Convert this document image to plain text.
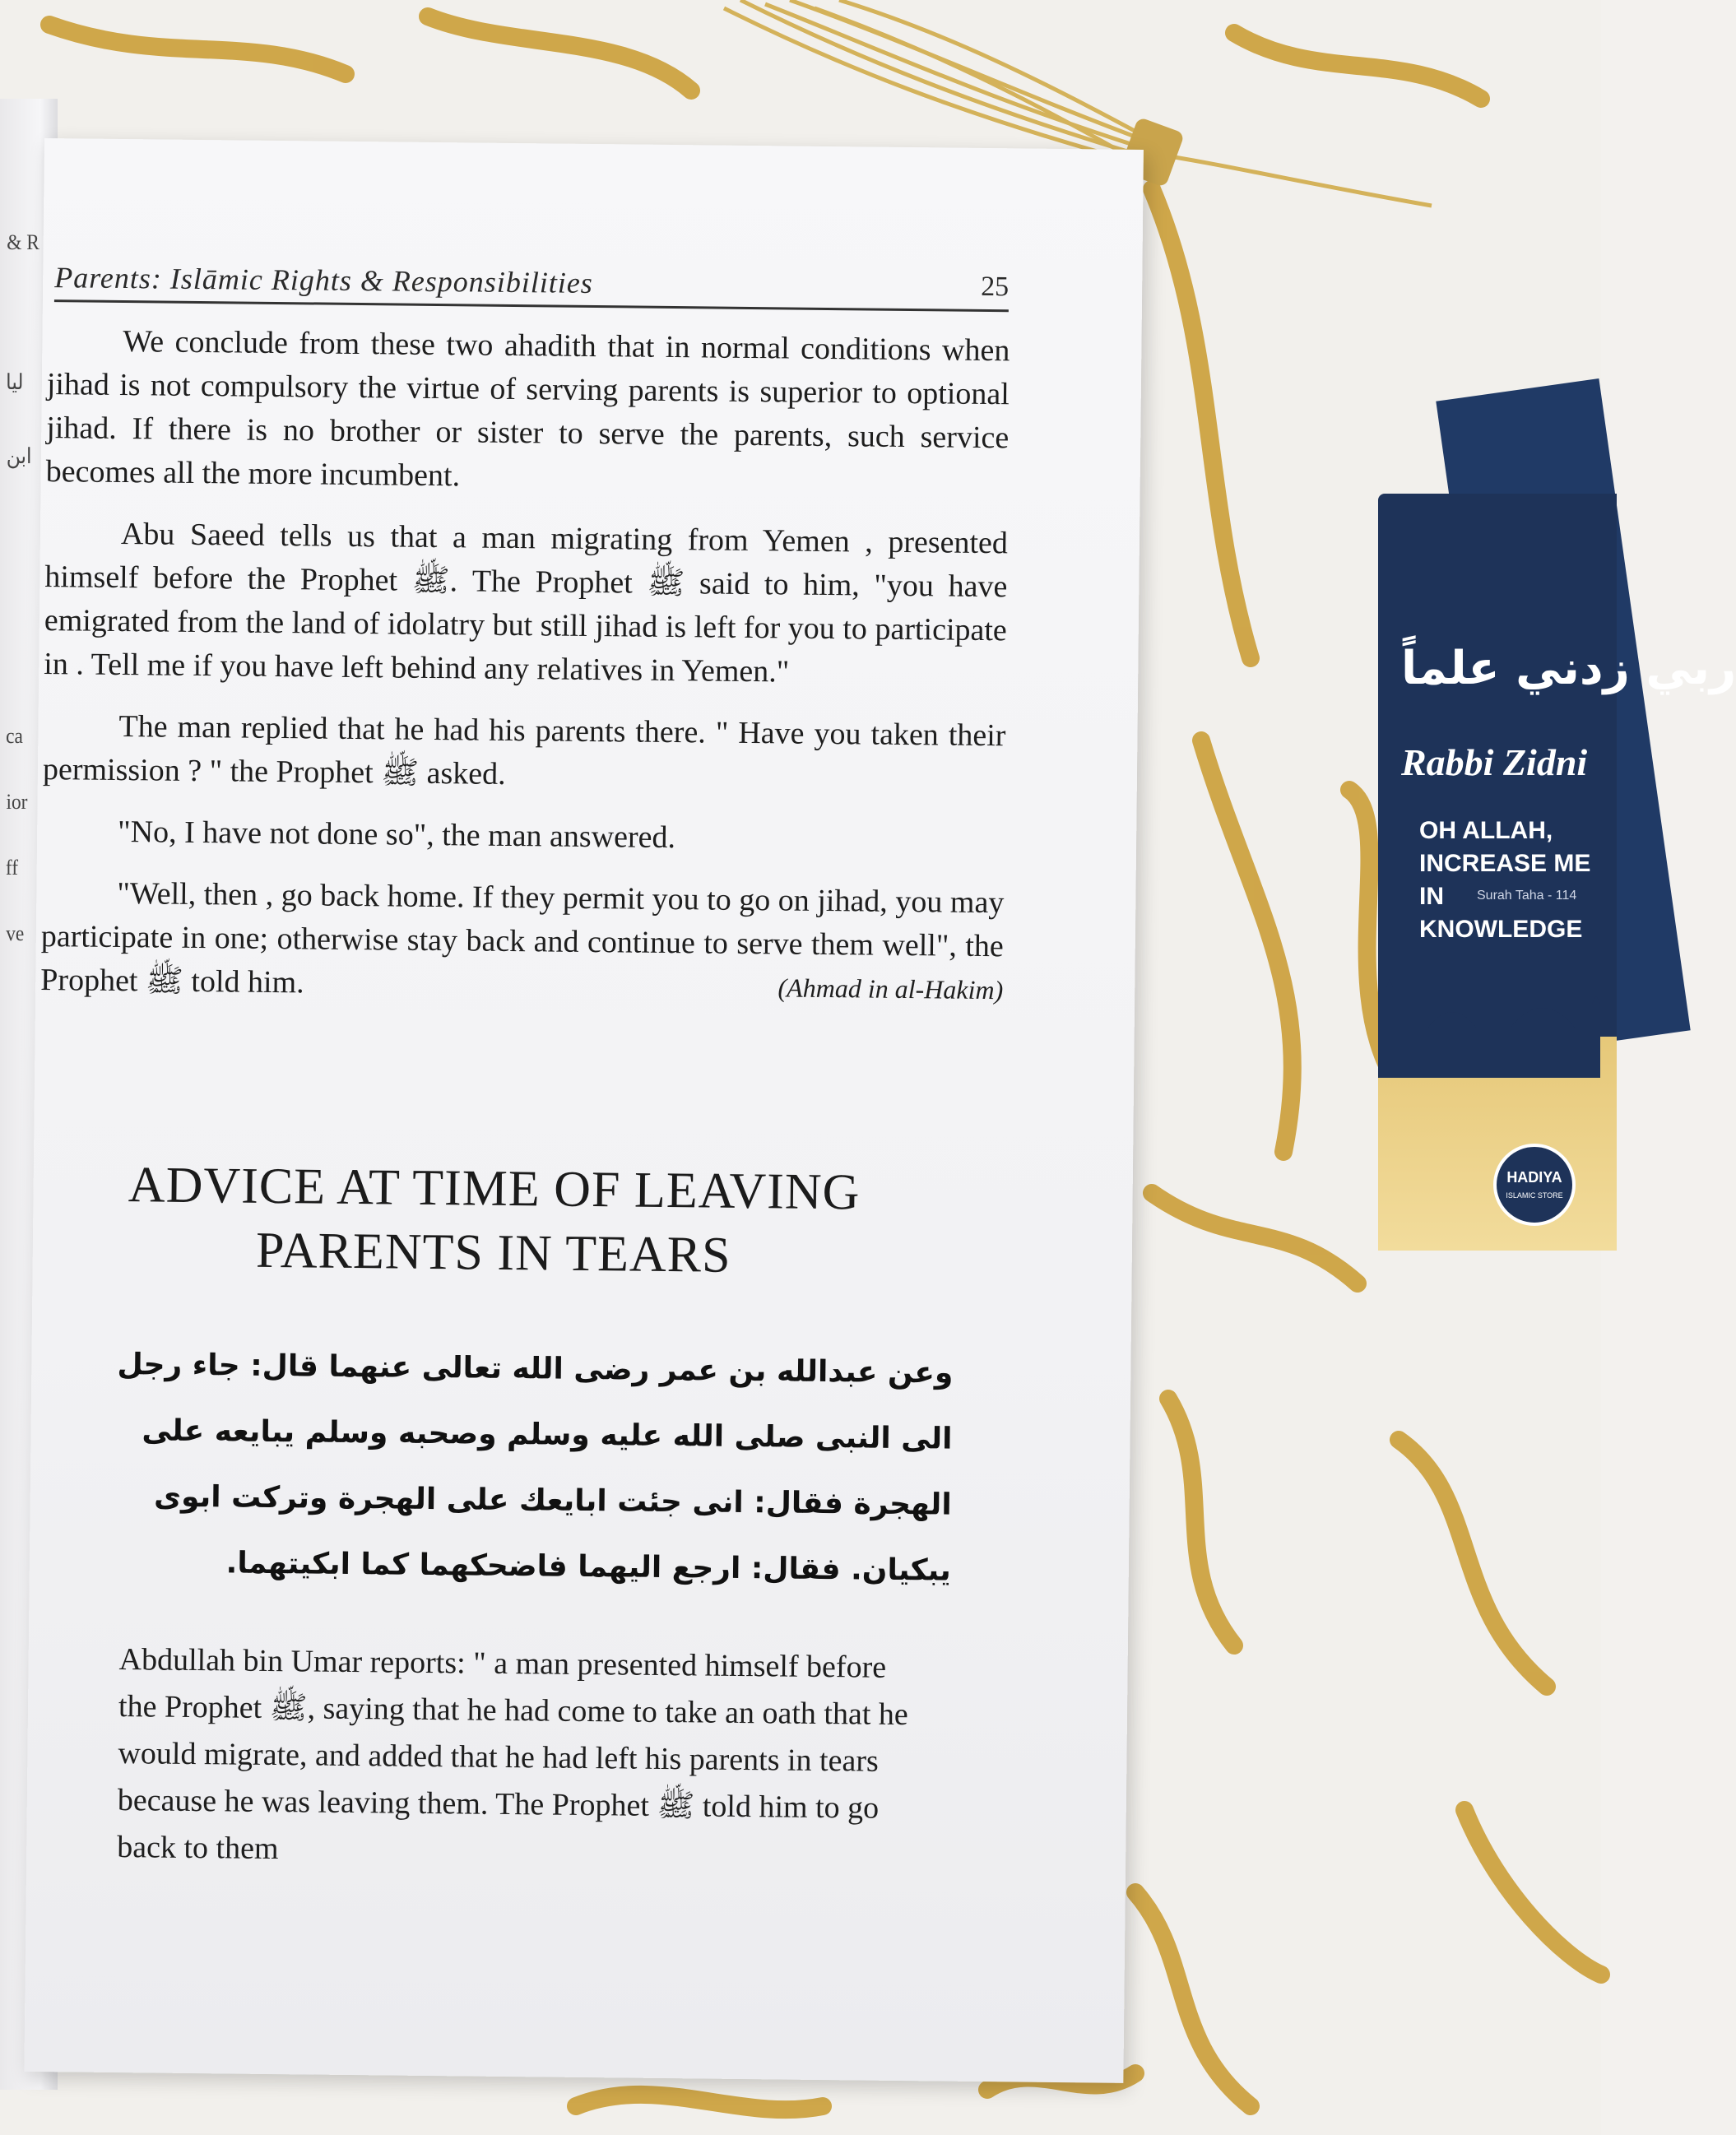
& R
لیا
ابن
ca
ior
ff
ve
Parents: Islāmic Rights & Responsibilities	25

We conclude from these two ahadith that in normal conditions when jihad is not compulsory the virtue of serving parents is superior to optional jihad. If there is no brother or sister to serve the parents, such service becomes all the more incumbent.

Abu Saeed tells us that a man migrating from Yemen , presented himself before the Prophet ﷺ. The Prophet ﷺ said to him, "you have emigrated from the land of idolatry but still jihad is left for you to participate in . Tell me if you have left behind any relatives in Yemen."

The man replied that he had his parents there. " Have you taken their permission ? " the Prophet ﷺ asked.

"No, I have not done so", the man answered.

"Well, then , go back home. If they permit you to go on jihad, you may participate in one; otherwise stay back and continue to serve them well", the Prophet ﷺ told him.	(Ahmad in al-Hakim)

ADVICE AT TIME OF LEAVING
PARENTS IN TEARS
وعن عبدالله بن عمر رضى الله تعالى عنهما قال: جاء رجل الى النبى صلى الله عليه وسلم وصحبه وسلم يبايعه على الهجرة فقال: انى جئت ابايعك على الهجرة وتركت ابوى يبكيان. فقال: ارجع اليهما فاضحكهما كما ابكيتهما.
Abdullah bin Umar reports: " a man presented himself before the Prophet ﷺ, saying that he had come to take an oath that he would migrate, and added that he had left his parents in tears because he was leaving them. The Prophet ﷺ told him to go back to them
ربي زدني علماً
Rabbi Zidni
OH ALLAH, INCREASE ME IN KNOWLEDGE
Surah Taha - 114
HADIYA
ISLAMIC STORE
